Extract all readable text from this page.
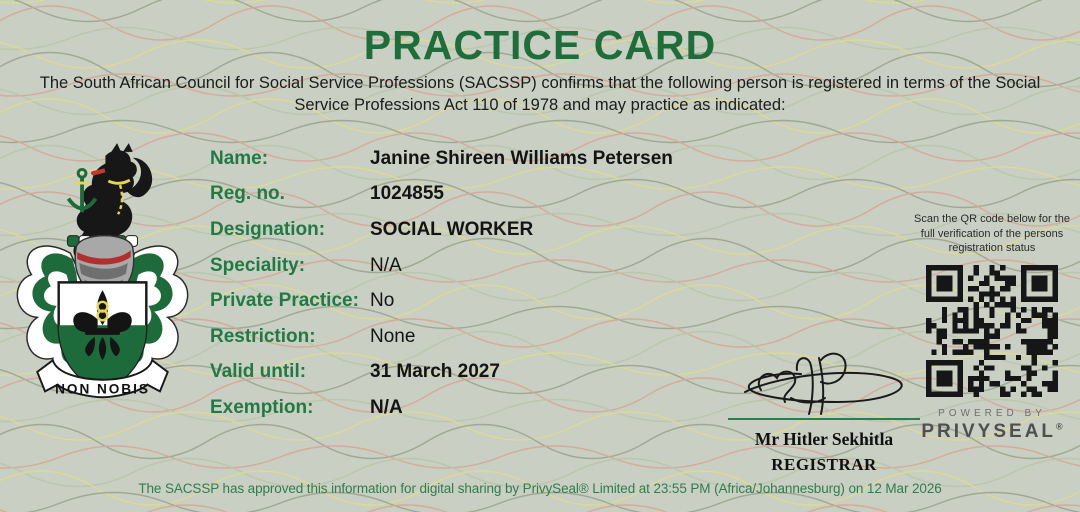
PRACTICE CARD
The South African Council for Social Service Professions (SACSSP) confirms that the following person is registered in terms of the Social Service Professions Act 110 of 1978 and may practice as indicated:
NON NOBIS
Name:	Janine Shireen Williams Petersen
Reg. no.	1024855
Designation:	SOCIAL WORKER
Speciality:	N/A
Private Practice: No
Restriction:	None
Valid until:	31 March 2027
Exemption:	N/A
Scan the QR code below for the full verification of the persons registration status
POWERED BY
PRIVYSEAL®
Mr Hitler Sekhitla
REGISTRAR
The SACSSP has approved this information for digital sharing by PrivySeal® Limited at 23:55 PM (Africa/Johannesburg) on 12 Mar 2026
